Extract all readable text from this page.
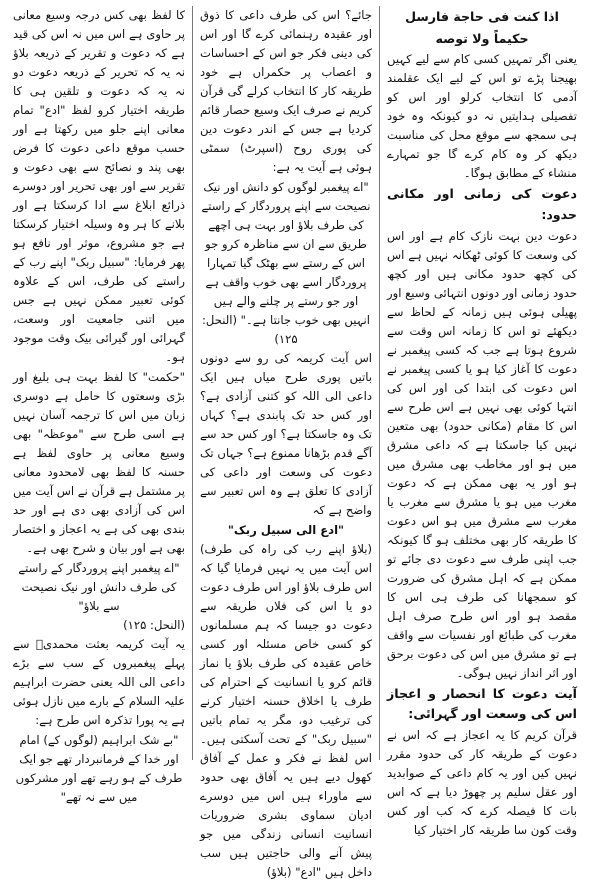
اذا کنت فی حاجة فارسل
حکیماً ولا توصه

یعنی اگر تمہیں کسی کام سے لیے کہیں بھیجنا پڑے تو اس کے لیے ایک عقلمند آدمی کا انتخاب کرلو اور اس کو تفصیلی ہدایتیں نہ دو کیونکہ وہ خود ہی سمجھ سے موقع محل کی مناسبت دیکھ کر وہ کام کرے گا جو تمہارے منشاء کے مطابق ہوگا۔

دعوت کی زمانی اور مکانی حدود:

دعوت دین بہت نازک کام ہے اور اس کی وسعت کا کوئی ٹھکانہ نہیں ہے اس کی کچھ حدود مکانی ہیں اور کچھ حدود زمانی اور دونوں انتہائی وسیع اور پھیلی ہوئی ہیں زمانہ کے لحاظ سے دیکھئے تو اس کا زمانہ اس وقت سے شروع ہوتا ہے جب کہ کسی پیغمبر نے دعوت کا آغاز کیا ہو یا کسی پیغمبر نے اس دعوت کی ابتدا کی اور اس کی انتہا کوئی بھی نہیں ہے اس طرح سے اس کا مقام (مکانی حدود) بھی متعین نہیں کیا جاسکتا ہے کہ داعی مشرق میں ہو اور مخاطب بھی مشرق میں ہو اور یہ بھی ممکن ہے کہ دعوت مغرب میں ہو یا مشرق سے مغرب یا مغرب سے مشرق میں ہو اس دعوت کا طریقہ کار بھی مختلف ہو گا کیونکہ جب اپنی طرف سے دعوت دی جائے تو ممکن ہے کہ اہل مشرق کی ضرورت کو سمجھانا کی طرف ہی اس کا مقصد ہو اور اس طرح صرف اہل مغرب کی طبائع اور نفسیات سے واقف ہے تو مشرق میں اس کی دعوت برحق اور اثر انداز نہیں ہوگی۔

آیت دعوت کا انحصار و اعجاز اس کی وسعت اور گہرائی:

قرآن کریم کا یہ اعجاز ہے کہ اس نے دعوت کے طریقہ کار کی حدود مقرر نہیں کیں اور یہ کام داعی کے صوابدید اور عقل سلیم پر چھوڑ دیا ہے کہ اس بات کا فیصلہ کرے کہ کب اور کس وقت کون سا طریقہ کار اختیار کیا

جائے؟ اس کی طرف داعی کا ذوق اور عقیدہ رہنمائی کرے گا اور اس کی دینی فکر جو اس کے احساسات و اعصاب پر حکمراں ہے خود طریقہ کار کا انتخاب کرلے گی قرآن کریم نے صرف ایک وسیع حصار قائم کردیا ہے جس کے اندر دعوت دین کی پوری روح (اسپرٹ) سمٹی ہوئی ہے آیت یہ ہے:

"اے پیغمبر لوگوں کو دانش اور نیک نصیحت سے اپنے پروردگار کے راستے کی طرف بلاؤ اور بہت ہی اچھے طریق سے ان سے مناظرہ کرو جو اس کے رستے سے بھٹک گیا تمہارا پروردگار اسے بھی خوب واقف ہے اور جو رستے پر چلنے والے ہیں انہیں بھی خوب جانتا ہے۔" (النحل: ۱۲۵)

اس آیت کریمہ کی رو سے دونوں باتیں پوری طرح میاں ہیں ایک داعی الی اللہ کو کتنی آزادی ہے؟ اور کس حد تک پابندی ہے؟ کہاں تک وہ جاسکتا ہے؟ اور کس حد سے آگے قدم بڑھانا ممنوع ہے؟ جہاں تک دعوت کی وسعت اور داعی کی آزادی کا تعلق ہے وہ اس تعبیر سے واضح ہے کہ

"ادع الی سبیل ربک"

(بلاؤ اپنے رب کی راہ کی طرف) اس آیت میں یہ نہیں فرمایا گیا کہ اس طرف بلاؤ اور اس طرف دعوت دو یا اس کی فلاں طریقہ سے دعوت دو جیسا کہ ہم مسلمانوں کو کسی خاص مسئلہ اور کسی خاص عقیدہ کی طرف بلاؤ یا نماز قائم کرو یا انسانیت کے احترام کی طرف یا اخلاق حسنہ اختیار کرنے کی ترغیب دو، مگر یہ تمام باتیں "سبیل ربک" کے تحت آسکتی ہیں۔ اس لفظ نے فکر و عمل کے آفاق کھول دیے ہیں یہ آفاق بھی حدود سے ماوراء ہیں اس میں دوسرے ادیان سماوی بشری ضروریات انسانیت انسانی زندگی میں جو پیش آنے والی حاجتیں ہیں سب داخل ہیں "ادع" (بلاؤ)

کا لفظ بھی کس درجہ وسیع معانی پر حاوی ہے اس میں نہ اس کی قید ہے کہ دعوت و تقریر کے ذریعہ بلاؤ نہ یہ کہ تحریر کے ذریعہ دعوت دو نہ یہ کہ دعوت و تلقین ہی کا طریقہ اختیار کرو لفظ "ادع" تمام معانی اپنے جلو میں رکھتا ہے اور حسب موقع داعی دعوت کا فرض بھی پند و نصائح سے بھی دعوت و تقریر سے اور بھی تحریر اور دوسرے ذرائع ابلاغ سے ادا کرسکتا ہے اور بلانے کا ہر وہ وسیلہ اختیار کرسکتا ہے جو مشروع، موثر اور نافع ہو پھر فرمایا: "سبیل ربک" اپنے رب کے راستے کی طرف، اس کے علاوہ کوئی تعبیر ممکن نہیں ہے جس میں اتنی جامعیت اور وسعت، گہرائی اور گیرائی بیک وقت موجود ہو۔

"حکمت" کا لفظ بہت ہی بلیغ اور بڑی وسعتوں کا حامل ہے دوسری زبان میں اس کا ترجمہ آسان نہیں ہے اسی طرح سے "موعظہ" بھی وسیع معانی پر حاوی لفظ ہے حسنہ کا لفظ بھی لامحدود معانی پر مشتمل ہے قرآن نے اس آیت میں اس کی آزادی بھی دی ہے اور حد بندی بھی کی ہے یہ اعجاز و اختصار بھی ہے اور بیان و شرح بھی ہے۔

"اے پیغمبر اپنے پروردگار کے راستے کی طرف دانش اور نیک نصیحت سے بلاؤ"

(النحل: ۱۲۵)

یہ آیت کریمہ بعثت محمدیؐ سے پہلے پیغمبروں کے سب سے بڑے داعی الی اللہ یعنی حضرت ابراہیم علیہ السلام کے بارے میں نازل ہوئی ہے یہ پورا تذکرہ اس طرح ہے:

"بے شک ابراہیم (لوگوں کے) امام اور خدا کے فرمانبردار تھے جو ایک طرف کے ہو رہے تھے اور مشرکوں میں سے نہ تھے"
